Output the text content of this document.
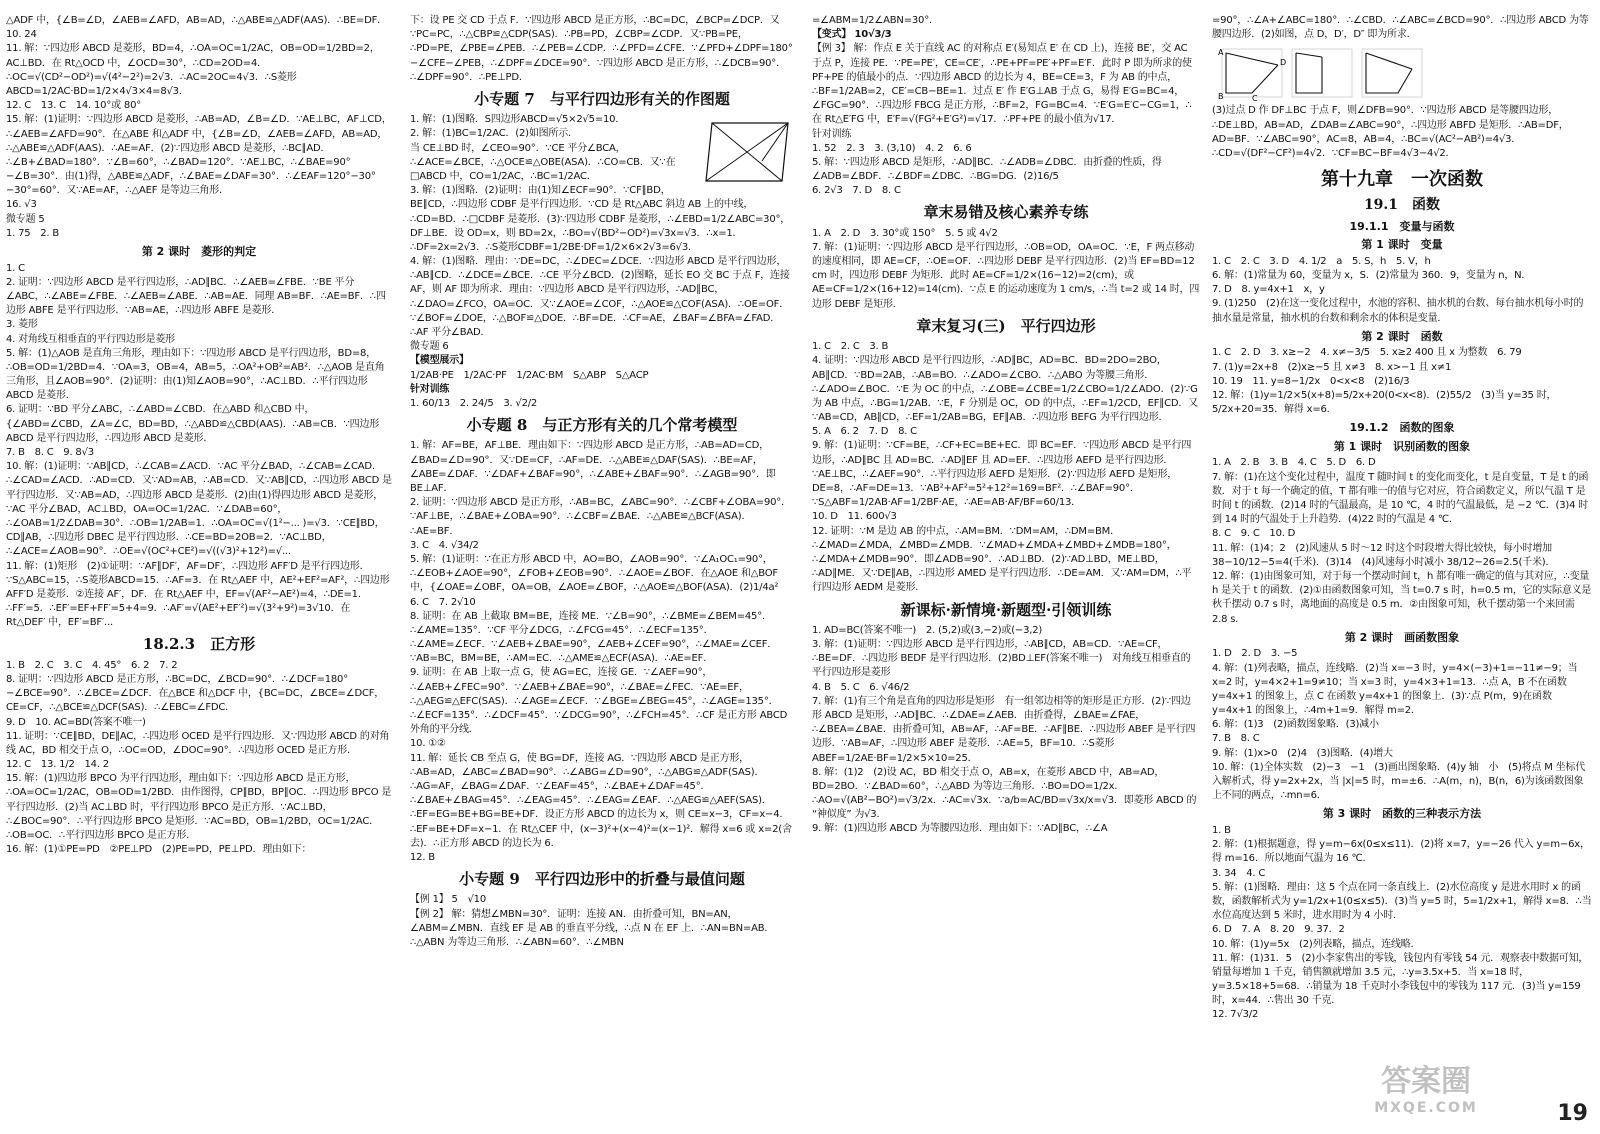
△ADF 中，{∠B=∠D，∠AEB=∠AFD，AB=AD，∴△ABE≌△ADF(AAS)．∴BE=DF．

10. 24

11. 解：∵四边形 ABCD 是菱形，BD=4，∴OA=OC=1/2AC，OB=OD=1/2BD=2，AC⊥BD．在 Rt△OCD 中，∠OCD=30°，∴CD=2OD=4．∴OC=√(CD²−OD²)=√(4²−2²)=2√3．∴AC=2OC=4√3．∴S菱形ABCD=1/2AC·BD=1/2×4√3×4=8√3．

12. C　13. C　14. 10°或 80°

15. 解：(1)证明：∵四边形 ABCD 是菱形，∴AB=AD，∠B=∠D．∵AE⊥BC，AF⊥CD，∴∠AEB=∠AFD=90°．在△ABE 和△ADF 中，{∠B=∠D，∠AEB=∠AFD，AB=AD，∴△ABE≌△ADF(AAS)．∴AE=AF．(2)∵四边形 ABCD 是菱形，∴BC∥AD．∴∠B+∠BAD=180°．∵∠B=60°，∴∠BAD=120°．∵AE⊥BC，∴∠BAE=90°−∠B=30°．由(1)得，△ABE≌△ADF，∴∠BAE=∠DAF=30°．∴∠EAF=120°−30°−30°=60°．又∵AE=AF，∴△AEF 是等边三角形．

16. √3

微专题 5

1. 75　2. B

第 2 课时　菱形的判定

1. C

2. 证明：∵四边形 ABCD 是平行四边形，∴AD∥BC．∴∠AEB=∠FBE．∵BE 平分∠ABC，∴∠ABE=∠FBE．∴∠AEB=∠ABE．∴AB=AE．同理 AB=BF．∴AE=BF．∴四边形 ABFE 是平行四边形．∵AB=AE，∴四边形 ABFE 是菱形．

3. 菱形

4. 对角线互相垂直的平行四边形是菱形

5. 解：(1)△AOB 是直角三角形，理由如下：∵四边形 ABCD 是平行四边形，BD=8，∴OB=OD=1/2BD=4．∵OA=3，OB=4，AB=5，∴OA²+OB²=AB²．∴△AOB 是直角三角形，且∠AOB=90°．(2)证明：由(1)知∠AOB=90°，∴AC⊥BD．∴平行四边形 ABCD 是菱形．

6. 证明：∵BD 平分∠ABC，∴∠ABD=∠CBD．在△ABD 和△CBD 中，{∠ABD=∠CBD，∠A=∠C，BD=BD，∴△ABD≌△CBD(AAS)．∴AB=CB．∵四边形 ABCD 是平行四边形，∴四边形 ABCD 是菱形．

7. B　8. C　9. 8√3

10. 解：(1)证明：∵AB∥CD，∴∠CAB=∠ACD．∵AC 平分∠BAD，∴∠CAB=∠CAD．∴∠CAD=∠ACD．∴AD=CD．又∵AD=AB，∴AB=CD．又∵AB∥CD，∴四边形 ABCD 是平行四边形．又∵AB=AD，∴四边形 ABCD 是菱形．(2)由(1)得四边形 ABCD 是菱形，∵AC 平分∠BAD，AC⊥BD，OA=OC=1/2AC．∵∠DAB=60°，∴∠OAB=1/2∠DAB=30°．∴OB=1/2AB=1．∴OA=OC=√(1²−... )=√3．∵CE∥BD，CD∥AB，∴四边形 DBEC 是平行四边形．∴CE=BD=2OB=2．∵AC⊥BD，∴∠ACE=∠AOB=90°．∴OE=√(OC²+CE²)=√((√3)²+12²)=√...

11. 解：(1)矩形　(2)①证明：∵AF∥DF′，AF=DF′，∴四边形 AFF′D 是平行四边形．∵S△ABC=15，∴S菱形ABCD=15．∴AF=3．在 Rt△AEF 中，AE²+EF²=AF²，∴四边形 AFF′D 是菱形．②连接 AF′，DF．在 Rt△AEF 中，EF=√(AF²−AE²)=4，∴DE=1．∴FF′=5．∴EF′=EF+FF′=5+4=9．∴AF′=√(AE²+EF′²)=√(3²+9²)=3√10．在 Rt△DEF′ 中，EF′=BF′...

18.2.3　正方形

1. B　2. C　3. C　4. 45°　6. 2　7. 2

8. 证明：∵四边形 ABCD 是正方形，∴BC=DC，∠BCD=90°．∴∠DCF=180°−∠BCE=90°．∴∠BCE=∠DCF．在△BCE 和△DCF 中，{BC=DC，∠BCE=∠DCF，CE=CF，∴△BCE≌△DCF(SAS)．∴∠EBC=∠FDC．

9. D　10. AC=BD(答案不唯一)

11. 证明：∵CE∥BD，DE∥AC，∴四边形 OCED 是平行四边形．又∵四边形 ABCD 的对角线 AC，BD 相交于点 O，∴OC=OD，∠DOC=90°．∴四边形 OCED 是正方形．

12. C　13. 1/2　14. 2

15. 解：(1)四边形 BPCO 为平行四边形，理由如下：∵四边形 ABCD 是正方形，∴OA=OC=1/2AC，OB=OD=1/2BD．由作图得，CP∥BD，BP∥OC．∴四边形 BPCO 是平行四边形．(2)当 AC⊥BD 时，平行四边形 BPCO 是正方形．∵AC⊥BD，∴∠BOC=90°．∴平行四边形 BPCO 是矩形．∵AC=BD，OB=1/2BD，OC=1/2AC．∴OB=OC．∴平行四边形 BPCO 是正方形．

16. 解：(1)①PE=PD　②PE⊥PD　(2)PE=PD，PE⊥PD．理由如下：

下：设 PE 交 CD 于点 F．∵四边形 ABCD 是正方形，∴BC=DC，∠BCP=∠DCP．又∵PC=PC，∴△CBP≌△CDP(SAS)．∴PB=PD，∠CBP=∠CDP．又∵PB=PE，∴PD=PE，∠PBE=∠PEB．∴∠PEB=∠CDP．∴∠PFD=∠CFE．∵∠PFD+∠DPF=180°−∠CFE−∠PEB，∴∠DPF=∠DCE=90°．∵四边形 ABCD 是正方形，∴∠DCB=90°．∴∠DPF=90°．∴PE⊥PD．

小专题 7　与平行四边形有关的作图题

1. 解：(1)图略．S四边形ABCD=√5×2√5=10．

2. 解：(1)BC=1/2AC．(2)如图所示．

当 CE⊥BD 时，∠CEO=90°．∵CE 平分∠BCA，∴∠ACE=∠BCE，∴△OCE≌△OBE(ASA)．∴CO=CB．又∵在□ABCD 中，CO=1/2AC，∴BC=1/2AC．

3. 解：(1)图略．(2)证明：由(1)知∠ECF=90°．∵CF∥BD，BE∥CD，∴四边形 CDBF 是平行四边形．∵CD 是 Rt△ABC 斜边 AB 上的中线，∴CD=BD．∴□CDBF 是菱形．(3)∵四边形 CDBF 是菱形，∴∠EBD=1/2∠ABC=30°，DF⊥BE．设 OD=x，则 BD=2x，∴BO=√(BD²−OD²)=√3x=√3．∴x=1．∴DF=2x=2√3．∴S菱形CDBF=1/2BE·DF=1/2×6×2√3=6√3．

4. 解：(1)图略．理由：∵DE=DC，∴∠DEC=∠DCE．∵四边形 ABCD 是平行四边形，∴AB∥CD．∴∠DCE=∠BCE．∴CE 平分∠BCD．(2)图略，延长 EO 交 BC 于点 F，连接 AF，则 AF 即为所求．理由：∵四边形 ABCD 是平行四边形，∴AD∥BC，∴∠DAO=∠FCO，OA=OC．又∵∠AOE=∠COF，∴△AOE≌△COF(ASA)．∴OE=OF．∵∠BOF=∠DOE，∴△BOF≌△DOE．∴BF=DE．∴CF=AE，∠BAF=∠BFA=∠FAD．∴AF 平分∠BAD．

微专题 6

【模型展示】

1/2AB·PE　1/2AC·PF　1/2AC·BM　S△ABP　S△ACP

针对训练

1. 60/13　2. 24/5　3. √2/2

小专题 8　与正方形有关的几个常考模型

1. 解：AF=BE，AF⊥BE．理由如下：∵四边形 ABCD 是正方形，∴AB=AD=CD，∠BAD=∠D=90°．又∵DE=CF，∴AF=DE．∴△ABE≌△DAF(SAS)．∴BE=AF，∠ABE=∠DAF．∵∠DAF+∠BAF=90°，∴∠ABE+∠BAF=90°．∴∠AGB=90°．即 BE⊥AF．

2. 证明：∵四边形 ABCD 是正方形，∴AB=BC，∠ABC=90°．∴∠CBF+∠OBA=90°．∵AF⊥BE，∴∠BAE+∠OBA=90°．∴∠CBF=∠BAE．∴△ABE≌△BCF(ASA)．∴AE=BF．

3. C　4. √34/2

5. 解：(1)证明：∵在正方形 ABCD 中，AO=BO，∠AOB=90°．∵∠A₁OC₁=90°，∴∠EOB+∠AOE=90°，∠FOB+∠EOB=90°．∴∠AOE=∠BOF．在△AOE 和△BOF 中，{∠OAE=∠OBF，OA=OB，∠AOE=∠BOF，∴△AOE≌△BOF(ASA)．(2)1/4a²

6. C　7. 2√10

8. 证明：在 AB 上截取 BM=BE，连接 ME．∵∠B=90°，∴∠BME=∠BEM=45°．∴∠AME=135°．∵CF 平分∠DCG，∴∠FCG=45°．∴∠ECF=135°．∴∠AME=∠ECF．∵∠AEB+∠BAE=90°，∠AEB+∠CEF=90°，∴∠MAE=∠CEF．∵AB=BC，BM=BE，∴AM=EC．∴△AME≌△ECF(ASA)．∴AE=EF．

9. 证明：在 AB 上取一点 G，使 AG=EC，连接 GE．∵∠AEF=90°，∴∠AEB+∠FEC=90°．∵∠AEB+∠BAE=90°，∴∠BAE=∠FEC．∵AE=EF，∴△AEG≌△EFC(SAS)．∴∠AGE=∠ECF．∵∠BGE=∠BEG=45°，∴∠AGE=135°．∴∠ECF=135°．∴∠DCF=45°．∵∠DCG=90°，∴∠FCH=45°．∴CF 是正方形 ABCD 外角的平分线．

10. ①②

11. 解：延长 CB 至点 G，使 BG=DF，连接 AG．∵四边形 ABCD 是正方形，∴AB=AD，∠ABC=∠BAD=90°．∴∠ABG=∠D=90°，∴△ABG≌△ADF(SAS)．∴AG=AF，∠BAG=∠DAF．∵∠EAF=45°，∴∠BAE+∠DAF=45°．∴∠BAE+∠BAG=45°．∴∠EAG=45°．∴∠EAG=∠EAF．∴△AEG≌△AEF(SAS)．∴EF=EG=BE+BG=BE+DF．设正方形 ABCD 的边长为 x，则 CE=x−3，CF=x−4．∴EF=BE+DF=x−1．在 Rt△CEF 中，(x−3)²+(x−4)²=(x−1)²．解得 x=6 或 x=2(舍去)．∴正方形 ABCD 的边长为 6．

12. B

小专题 9　平行四边形中的折叠与最值问题

【例 1】 5　√10

【例 2】 解：猜想∠MBN=30°．证明：连接 AN．由折叠可知，BN=AN，∠ABM=∠MBN．直线 EF 是 AB 的垂直平分线，∴点 N 在 EF 上．∴AN=BN=AB．∴△ABN 为等边三角形．∴∠ABN=60°．∴∠MBN

=∠ABM=1/2∠ABN=30°．

【变式】 10√3/3

【例 3】 解：作点 E 关于直线 AC 的对称点 E′(易知点 E′ 在 CD 上)，连接 BE′，交 AC 于点 P，连接 PE．∵PE=PE′，CE=CE′，∴PE+PF=PE′+PF=E′F．此时 P 即为所求的使 PF+PE 的值最小的点．∵四边形 ABCD 的边长为 4，BE=CE=3，F 为 AB 的中点，∴BF=1/2AB=2，CE′=CB−BE=1．过点 E′ 作 E′G⊥AB 于点 G，易得 E′G=BC=4，∠FGC=90°．∴四边形 FBCG 是正方形，∴BF=2，FG=BC=4．∵E′G=E′C−CG=1，∴在 Rt△E′FG 中，E′F=√(FG²+E′G²)=√17．∴PF+PE 的最小值为√17．

针对训练

1. 52　2. 3　3. (3,10)　4. 2　6. 6

5. 解：∵四边形 ABCD 是矩形，∴AD∥BC．∴∠ADB=∠DBC．由折叠的性质，得∠ADB=∠BDF．∴∠BDF=∠DBC．∴BG=DG．(2)16/5

6. 2√3　7. D　8. C

章末易错及核心素养专练

1. A　2. D　3. 30°或 150°　5. 5 或 4√2

7. 解：(1)证明：∵四边形 ABCD 是平行四边形，∴OB=OD，OA=OC．∵E，F 两点移动的速度相同，即 AE=CF，∴OE=OF．∴四边形 DEBF 是平行四边形．(2)当 EF=BD=12 cm 时，四边形 DEBF 为矩形．此时 AE=CF=1/2×(16−12)=2(cm)，或 AE=CF=1/2×(16+12)=14(cm)．∵点 E 的运动速度为 1 cm/s，∴当 t=2 或 14 时，四边形 DEBF 是矩形．

章末复习(三)　平行四边形

1. C　2. C　3. B

4. 证明：∵四边形 ABCD 是平行四边形，∴AD∥BC，AD=BC．BD=2DO=2BO，AB∥CD．∵BD=2AB，∴AB=BO．∴∠ADO=∠CBO．∴△ABO 为等腰三角形．∴∠ADO=∠BOC．∵E 为 OC 的中点，∴∠OBE=∠CBE=1/2∠CBO=1/2∠ADO．(2)∵G 为 AB 中点，∴BG=1/2AB．∵E，F 分别是 OC，OD 的中点，∴EF=1/2CD，EF∥CD．又∵AB=CD，AB∥CD，∴EF=1/2AB=BG，EF∥AB．∴四边形 BEFG 为平行四边形．

5. A　6. 2　7. D　8. C

9. 解：(1)证明：∵CF=BE，∴CF+EC=BE+EC．即 BC=EF．∵四边形 ABCD 是平行四边形，∴AD∥BC 且 AD=BC．∴AD∥EF 且 AD=EF．∴四边形 AEFD 是平行四边形．∵AE⊥BC，∴∠AEF=90°．∴平行四边形 AEFD 是矩形．(2)∵四边形 AEFD 是矩形，DE=8，∴AF=DE=13．∵AB²+AF²=5²+12²=169=BF²．∴∠BAF=90°．∵S△ABF=1/2AB·AF=1/2BF·AE，∴AE=AB·AF/BF=60/13．

10. D　11. 600√3

12. 证明：∵M 是边 AB 的中点，∴AM=BM．∵DM=AM，∴DM=BM．∴∠MAD=∠MDA，∠MBD=∠MDB．∵∠MAD+∠MDA+∠MBD+∠MDB=180°，∴∠MDA+∠MDB=90°．即∠ADB=90°．∴AD⊥BD．(2)∵AD⊥BD，ME⊥BD，∴AD∥ME．又∵DE∥AB，∴四边形 AMED 是平行四边形．∴DE=AM．又∵AM=DM，∴平行四边形 AEDM 是菱形．

新课标·新情境·新题型·引领训练

1. AD=BC(答案不唯一)　2. (5,2)或(3,−2)或(−3,2)

3. 解：(1)证明：∵四边形 ABCD 是平行四边形，∴AB∥CD，AB=CD．∵AE=CF，∴BE=DF．∴四边形 BEDF 是平行四边形．(2)BD⊥EF(答案不唯一)　对角线互相垂直的平行四边形是菱形

4. B　5. C　6. √46/2

7. 解：(1)有三个角是直角的四边形是矩形　有一组邻边相等的矩形是正方形．(2)∵四边形 ABCD 是矩形，∴AD∥BC．∴∠DAE=∠AEB．由折叠得，∠BAE=∠FAE，∴∠BEA=∠BAE．由折叠可知，AB=AF，∴AF=BE．∴AF∥BE．∴四边形 ABEF 是平行四边形．∵AB=AF，∴四边形 ABEF 是菱形．∴AE=5，BF=10．∴S菱形ABEF=1/2AE·BF=1/2×5×10=25．

8. 解：(1)2　(2)设 AC，BD 相交于点 O，AB=x，在菱形 ABCD 中，AB=AD，BD=2BO．∵∠BAD=60°，∴△ABD 为等边三角形．∴BO=DO=1/2x．∴AO=√(AB²−BO²)=√3/2x．∴AC=√3x．∵a/b=AC/BD=√3x/x=√3．即菱形 ABCD 的 “神似度” 为√3．

9. 解：(1)四边形 ABCD 为等腰四边形．理由如下：∵AD∥BC，∴∠A

=90°，∴∠A+∠ABC=180°．∴∠CBD．∴∠ABC=∠BCD=90°．∴四边形 ABCD 为等腰四边形．(2)如图，点 D，D′，D″ 即为所求．

A
B	C
D

(3)过点 D 作 DF⊥BC 于点 F，则∠DFB=90°．∵四边形 ABCD 是等腰四边形，∴DE⊥BD，AB=AD，∠DAB=∠ABC=90°，∴四边形 ABFD 是矩形．∴AB=DF，AD=BF．∵∠ABC=90°，AC=8，AB=4，∴BC=√(AC²−AB²)=4√3．∴CD=√(DF²−CF²)=4√2．∵CF=BC−BF=4√3−4√2．

第十九章　一次函数
19.1　函数
19.1.1　变量与函数
第 1 课时　变量

1. C　2. C　3. D　4. 1/2　a　5. S，h　5. V，h

6. 解：(1)常量为 60，变量为 x，S．(2)常量为 360．9，变量为 n，N．

7. D　8. y=4x+1　x，y

9. (1)250　(2)在这一变化过程中，水池的容积、抽水机的台数、每台抽水机每小时的抽水量是常量，抽水机的台数和剩余水的体积是变量．

第 2 课时　函数

1. C　2. D　3. x≥−2　4. x≠−3/5　5. x≥2 400 且 x 为整数　6. 79

7. (1)y=2x+8　(2)x≥−5 且 x≠3　8. x>−1 且 x≠1

10. 19　11. y=8−1/2x　0<x<8　(2)16/3

12. 解：(1)y=1/2×5(x+8)=5/2x+20(0<x<8)．(2)55/2　(3)当 y=35 时，5/2x+20=35．解得 x=6．

19.1.2　函数的图象
第 1 课时　识别函数的图象

1. A　2. B　3. B　4. C　5. D　6. D

7. 解：(1)在这个变化过程中，温度 T 随时间 t 的变化而变化，t 是自变量，T 是 t 的函数．对于 t 每一个确定的值，T 都有唯一的值与它对应，符合函数定义，所以气温 T 是时间 t 的函数．(2)14 时的气温最高，是 10 ℃，4 时的气温最低，是 −2 ℃．(3)4 时到 14 时的气温处于上升趋势．(4)22 时的气温是 4 ℃．

8. C　9. C　10. D

11. 解：(1)4；2　(2)风速从 5 时～12 时这个时段增大得比较快，每小时增加 38−10/12−5=4(千米)．(3)14　(4)风速每小时减小 38/12−26=2.5(千米)．

12. 解：(1)由图象可知，对于每一个摆动时间 t，h 都有唯一确定的值与其对应，∴变量 h 是关于 t 的函数．(2)①由函数图象可知，当 t=0.7 s 时，h=0.5 m，它的实际意义是秋千摆动 0.7 s 时，离地面的高度是 0.5 m．②由图象可知，秋千摆动第一个来回需 2.8 s．

第 2 课时　画函数图象

1. D　2. D　3. −5

4. 解：(1)列表略，描点，连线略．(2)当 x=−3 时，y=4×(−3)+1=−11≠−9；当 x=2 时，y=4×2+1=9≠10；当 x=3 时，y=4×3+1=13．∴点 A，B 不在函数 y=4x+1 的图象上，点 C 在函数 y=4x+1 的图象上．(3)∵点 P(m，9)在函数 y=4x+1 的图象上，∴4m+1=9．解得 m=2．

6. 解：(1)3　(2)函数图象略．(3)减小

7. B　8. C

9. 解：(1)x>0　(2)4　(3)图略．(4)增大

10. 解：(1)全体实数　(2)−3　−1　(3)画出图象略．(4)y 轴　小　(5)将点 M 坐标代入解析式，得 y=2x+2x，当 |x|=5 时，m=±6．∴A(m，n)，B(n，6)为该函数图象上不同的两点，∴mn=6．

第 3 课时　函数的三种表示方法

1. B

2. 解：(1)根据题意，得 y=m−6x(0≤x≤11)．(2)将 x=7，y=−26 代入 y=m−6x，得 m=16．所以地面气温为 16 ℃．

3. 34　4. C

5. 解：(1)图略．理由：这 5 个点在同一条直线上．(2)水位高度 y 是进水用时 x 的函数，函数解析式为 y=1/2x+1(0≤x≤5)．(3)当 y=5 时，5=1/2x+1，解得 x=8．∴当水位高度达到 5 米时，进水用时为 4 小时．

6. D　7. A　8. 20　9. 37．2

10. 解：(1)y=5x　(2)列表略，描点，连线略．

11. 解：(1)31．5　(2)小李家售出的零钱，钱包内有零钱 54 元．观察表中数据可知，销量每增加 1 千克，销售额就增加 3.5 元，∴y=3.5x+5．当 x=18 时，y=3.5×18+5=68．∴销量为 18 千克时小李钱包中的零钱为 117 元．(3)当 y=159 时，x=44．∴售出 30 千克．

12. 7√3/2

答案圈
MXQE.COM	19
